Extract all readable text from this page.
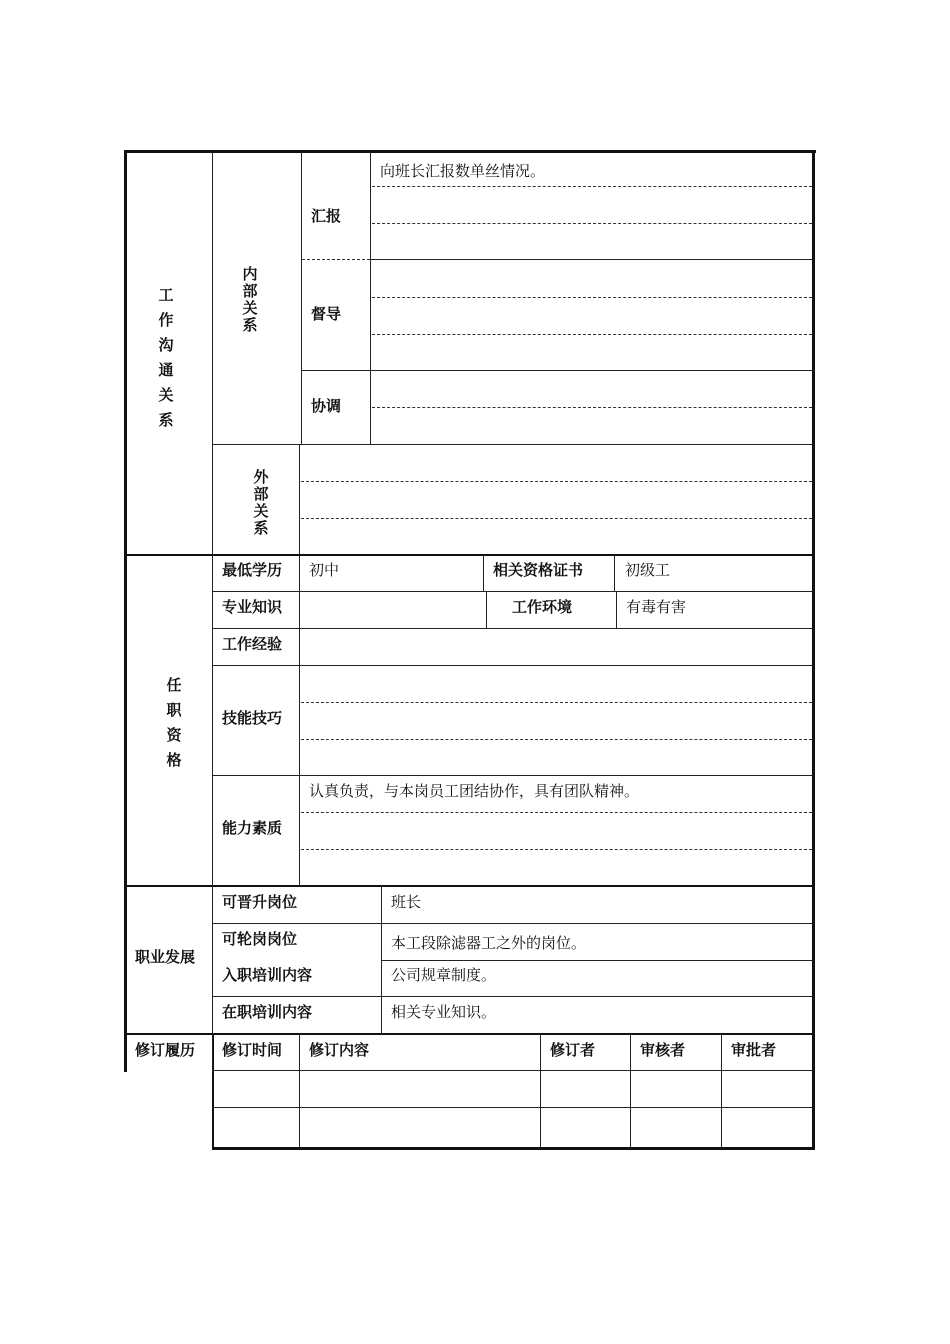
工作沟通关系
内部关系
汇报
向班长汇报数单丝情况。
督导
协调
外部关系
任职资格
最低学历 初中	相关资格证书	初级工
专业知识	工作环境	有毒有害
工作经验
技能技巧
能力素质
认真负责，与本岗员工团结协作，具有团队精神。
职业发展
可晋升岗位	班长
可轮岗岗位	本工段除滤器工之外的岗位。
入职培训内容	公司规章制度。
在职培训内容	相关专业知识。
修订履历 修订时间 修订内容	修订者	审核者	审批者
